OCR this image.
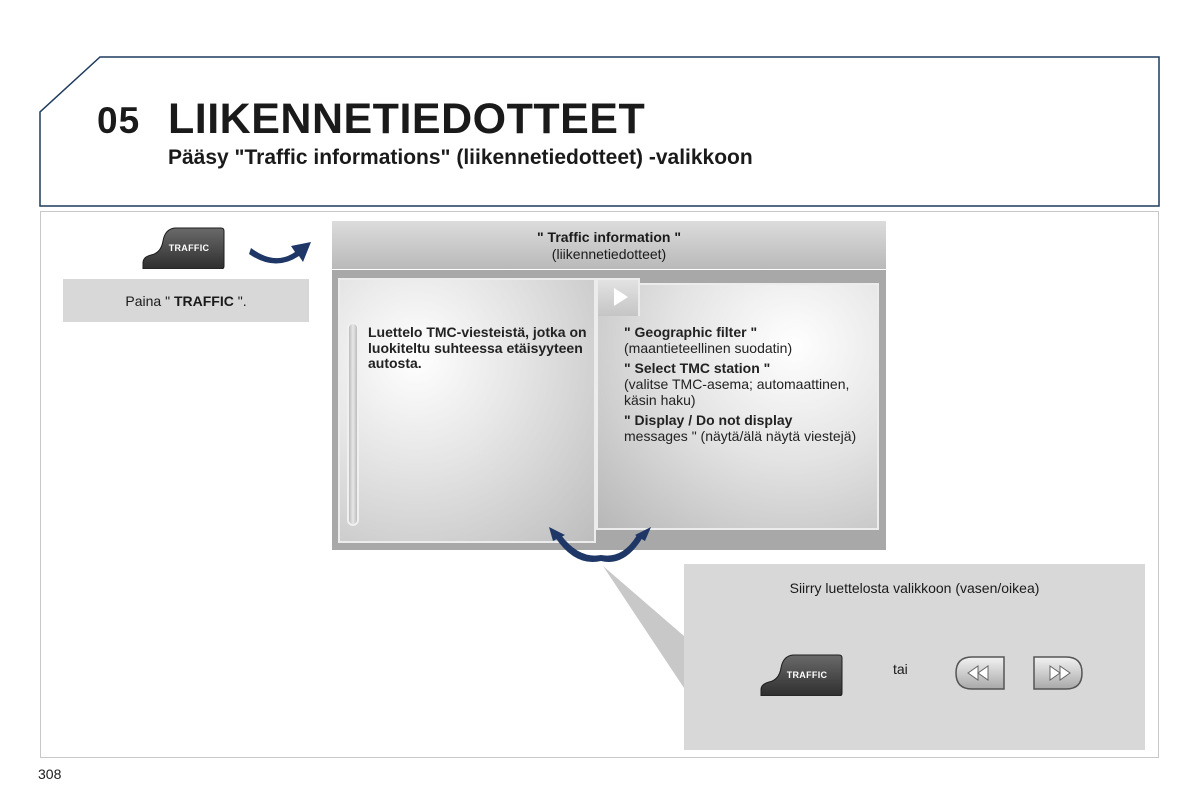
05 LIIKENNETIEDOTTEET
Pääsy "Traffic informations" (liikennetiedotteet) -valikkoon
TRAFFIC
Paina " TRAFFIC ".
" Traffic information "
(liikennetiedotteet)
Luettelo TMC-viesteistä, jotka on luokiteltu suhteessa etäisyyteen autosta.
" Geographic filter "
(maantieteellinen suodatin)
" Select TMC station "
(valitse TMC-asema; automaattinen, käsin haku)
" Display / Do not display
messages " (näytä/älä näytä viestejä)
Siirry luettelosta valikkoon (vasen/oikea)
TRAFFIC	tai
308
